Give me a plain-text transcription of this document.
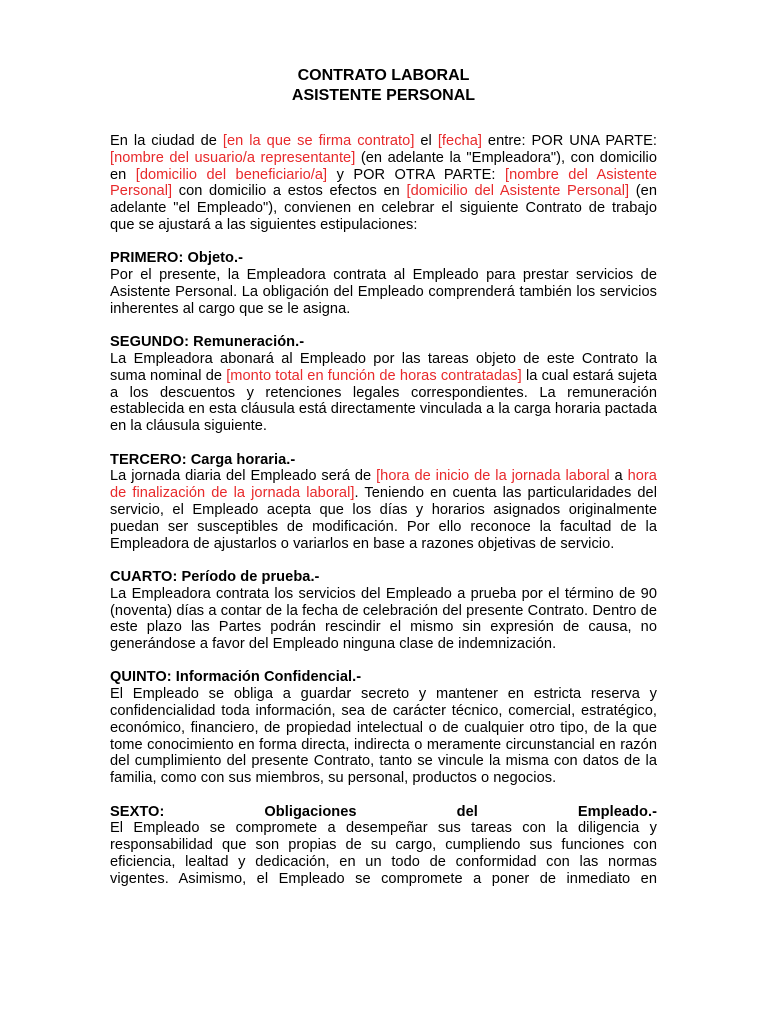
CONTRATO LABORAL

ASISTENTE PERSONAL

En la ciudad de [en la que se firma contrato] el [fecha] entre: POR UNA PARTE: [nombre del usuario/a representante] (en adelante la "Empleadora"), con domicilio en [domicilio del beneficiario/a] y POR OTRA PARTE: [nombre del Asistente Personal] con domicilio a estos efectos en [domicilio del Asistente Personal] (en adelante "el Empleado"), convienen en celebrar el siguiente Contrato de trabajo que se ajustará a las siguientes estipulaciones:

PRIMERO: Objeto.-
Por el presente, la Empleadora contrata al Empleado para prestar servicios de Asistente Personal. La obligación del Empleado comprenderá también los servicios inherentes al cargo que se le asigna.

SEGUNDO: Remuneración.-
La Empleadora abonará al Empleado por las tareas objeto de este Contrato la suma nominal de [monto total en función de horas contratadas] la cual estará sujeta a los descuentos y retenciones legales correspondientes. La remuneración establecida en esta cláusula está directamente vinculada a la carga horaria pactada en la cláusula siguiente.

TERCERO: Carga horaria.-
La jornada diaria del Empleado será de [hora de inicio de la jornada laboral a hora de finalización de la jornada laboral]. Teniendo en cuenta las particularidades del servicio, el Empleado acepta que los días y horarios asignados originalmente puedan ser susceptibles de modificación. Por ello reconoce la facultad de la Empleadora de ajustarlos o variarlos en base a razones objetivas de servicio.

CUARTO: Período de prueba.-
La Empleadora contrata los servicios del Empleado a prueba por el término de 90 (noventa) días a contar de la fecha de celebración del presente Contrato. Dentro de este plazo las Partes podrán rescindir el mismo sin expresión de causa, no generándose a favor del Empleado ninguna clase de indemnización.

QUINTO: Información Confidencial.-
El Empleado se obliga a guardar secreto y mantener en estricta reserva y confidencialidad toda información, sea de carácter técnico, comercial, estratégico, económico, financiero, de propiedad intelectual o de cualquier otro tipo, de la que tome conocimiento en forma directa, indirecta o meramente circunstancial en razón del cumplimiento del presente Contrato, tanto se vincule la misma con datos de la familia, como con sus miembros, su personal, productos o negocios.

SEXTO: Obligaciones del Empleado.-
El Empleado se compromete a desempeñar sus tareas con la diligencia y responsabilidad que son propias de su cargo, cumpliendo sus funciones con eficiencia, lealtad y dedicación, en un todo de conformidad con las normas vigentes. Asimismo, el Empleado se compromete a poner de inmediato en
